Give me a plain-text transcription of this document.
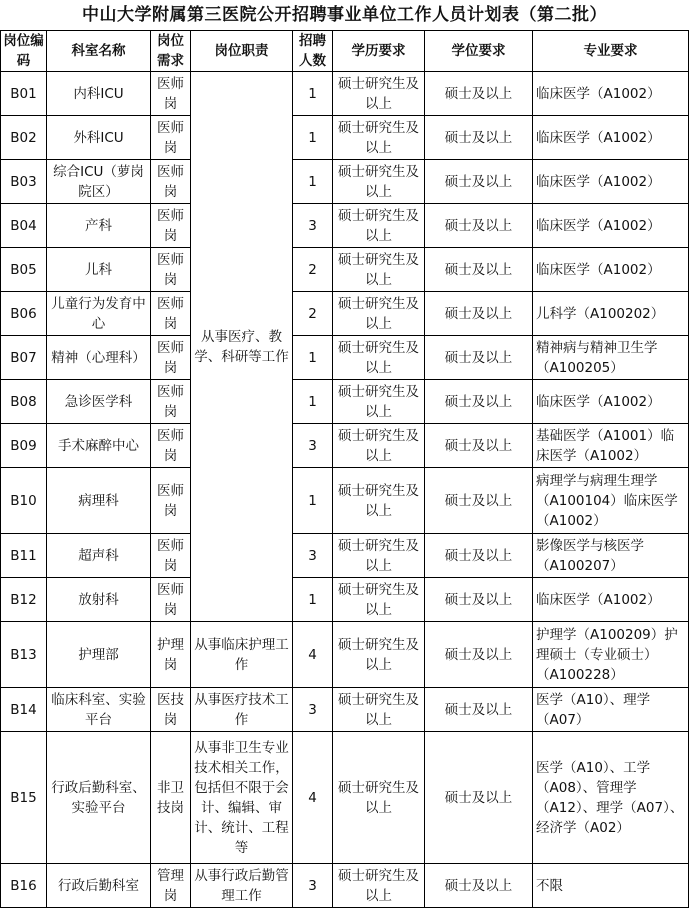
中山大学附属第三医院公开招聘事业单位工作人员计划表（第二批）
岗位编码	科室名称	岗位需求	岗位职责	招聘人数	学历要求	学位要求	专业要求
B01	内科ICU	医师岗	从事医疗、教学、科研等工作	1	硕士研究生及以上	硕士及以上	临床医学（A1002）
B02	外科ICU	医师岗		1	硕士研究生及以上	硕士及以上	临床医学（A1002）
B03	综合ICU（萝岗院区）	医师岗		1	硕士研究生及以上	硕士及以上	临床医学（A1002）
B04	产科	医师岗		3	硕士研究生及以上	硕士及以上	临床医学（A1002）
B05	儿科	医师岗		2	硕士研究生及以上	硕士及以上	临床医学（A1002）
B06	儿童行为发育中心	医师岗		2	硕士研究生及以上	硕士及以上	儿科学（A100202）
B07	精神（心理科）	医师岗		1	硕士研究生及以上	硕士及以上	精神病与精神卫生学（A100205）
B08	急诊医学科	医师岗		1	硕士研究生及以上	硕士及以上	临床医学（A1002）
B09	手术麻醉中心	医师岗		3	硕士研究生及以上	硕士及以上	基础医学（A1001）临床医学（A1002）
B10	病理科	医师岗		1	硕士研究生及以上	硕士及以上	病理学与病理生理学（A100104）临床医学（A1002）
B11	超声科	医师岗		3	硕士研究生及以上	硕士及以上	影像医学与核医学（A100207）
B12	放射科	医师岗		1	硕士研究生及以上	硕士及以上	临床医学（A1002）
B13	护理部	护理岗	从事临床护理工作	4	硕士研究生及以上	硕士及以上	护理学（A100209）护理硕士（专业硕士）（A100228）
B14	临床科室、实验平台	医技岗	从事医疗技术工作	3	硕士研究生及以上	硕士及以上	医学（A10）、理学（A07）
B15	行政后勤科室、实验平台	非卫技岗	从事非卫生专业技术相关工作，包括但不限于会计、编辑、审计、统计、工程等	4	硕士研究生及以上	硕士及以上	医学（A10）、工学（A08）、管理学（A12）、理学（A07）、经济学（A02）
B16	行政后勤科室	管理岗	从事行政后勤管理工作	3	硕士研究生及以上	硕士及以上	不限
